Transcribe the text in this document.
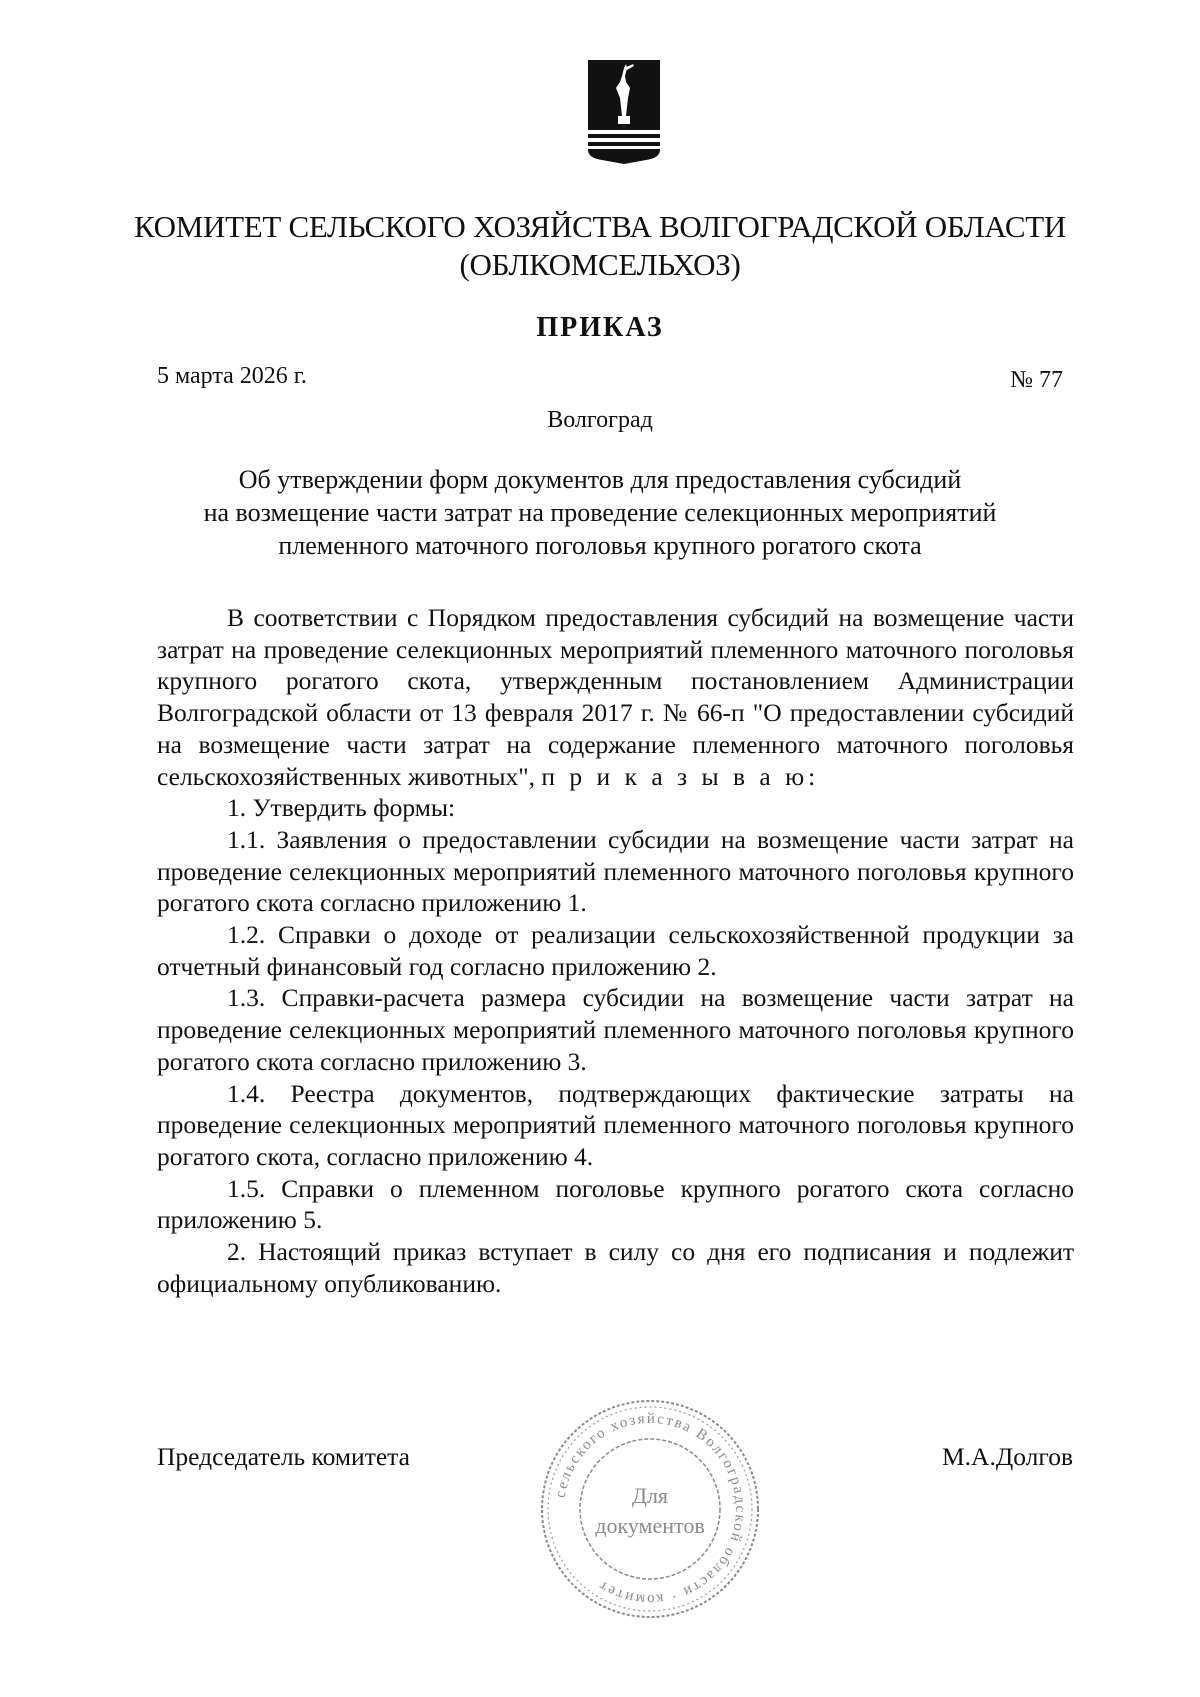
КОМИТЕТ СЕЛЬСКОГО ХОЗЯЙСТВА ВОЛГОГРАДСКОЙ ОБЛАСТИ
(ОБЛКОМСЕЛЬХОЗ)
ПРИКАЗ
5 марта 2026 г.	№ 77
Волгоград
Об утверждении форм документов для предоставления субсидий
на возмещение части затрат на проведение селекционных мероприятий
племенного маточного поголовья крупного рогатого скота

В соответствии с Порядком предоставления субсидий на возмещение части затрат на проведение селекционных мероприятий племенного маточного поголовья крупного рогатого скота, утвержденным постановлением Администрации Волгоградской области от 13 февраля 2017 г. № 66-п "О предоставлении субсидий на возмещение части затрат на содержание племенного маточного поголовья сельскохозяйственных животных", п р и к а з ы в а ю:

1. Утвердить формы:

1.1. Заявления о предоставлении субсидии на возмещение части затрат на проведение селекционных мероприятий племенного маточного поголовья крупного рогатого скота согласно приложению 1.

1.2. Справки о доходе от реализации сельскохозяйственной продукции за отчетный финансовый год согласно приложению 2.

1.3. Справки-расчета размера субсидии на возмещение части затрат на проведение селекционных мероприятий племенного маточного поголовья крупного рогатого скота согласно приложению 3.

1.4. Реестра документов, подтверждающих фактические затраты на проведение селекционных мероприятий племенного маточного поголовья крупного рогатого скота, согласно приложению 4.

1.5. Справки о племенном поголовье крупного рогатого скота согласно приложению 5.

2. Настоящий приказ вступает в силу со дня его подписания и подлежит официальному опубликованию.

Председатель комитета	М.А.Долгов
сельского хозяйства Волгоградской области · комитет
Для
документов
